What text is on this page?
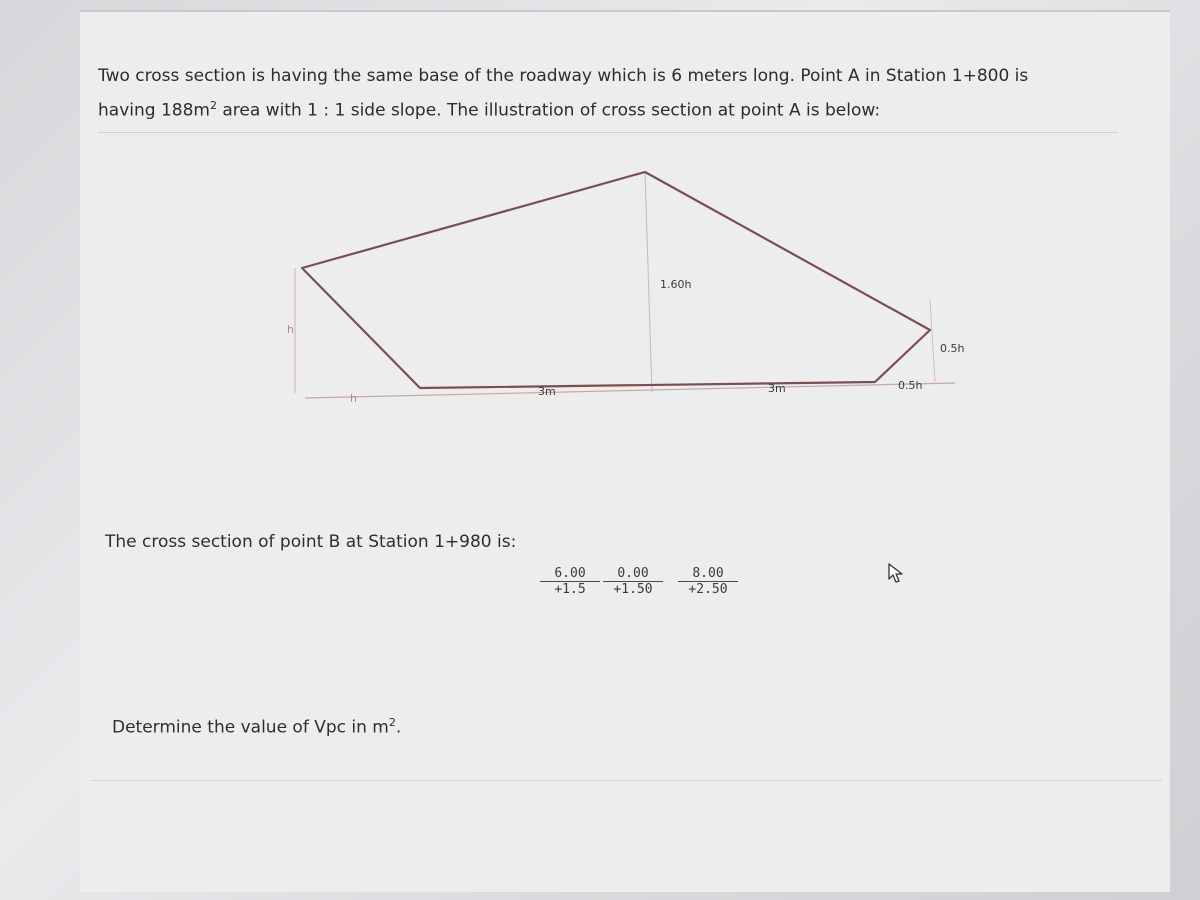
Two cross section is having the same base of the roadway which is 6 meters long. Point A in Station 1+800 is
having $188m^2$ area with 1 : 1 side slope. The illustration of cross section at point A is below:
1.60h
h
h
3m	3m
0.5h
0.5h
The cross section of point B at Station 1+980 is:
$\frac{6.00}{+1.5} \frac{0.00}{+1.50} \frac{8.00}{+2.50}$
Determine the value of Vpc in $m^2$.
